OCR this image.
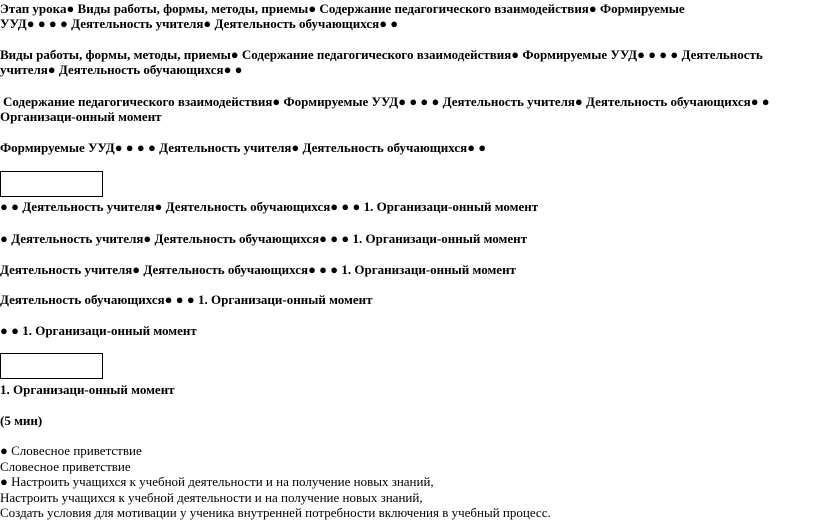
Этап урока● Виды работы, формы, методы, приемы● Содержание педагогического взаимодействия● Формируемые
УУД● ● ● ● Деятельность учителя● Деятельность обучающихся● ●
Виды работы, формы, методы, приемы● Содержание педагогического взаимодействия● Формируемые УУД● ● ● ● Деятельность
учителя● Деятельность обучающихся● ●
Содержание педагогического взаимодействия● Формируемые УУД● ● ● ● Деятельность учителя● Деятельность обучающихся● ●
Организаци-онный момент
Формируемые УУД● ● ● ● Деятельность учителя● Деятельность обучающихся● ●
● ● Деятельность учителя● Деятельность обучающихся● ● ● 1. Организаци-онный момент
● Деятельность учителя● Деятельность обучающихся● ● ● 1. Организаци-онный момент
Деятельность учителя● Деятельность обучающихся● ● ● 1. Организаци-онный момент
Деятельность обучающихся● ● ● 1. Организаци-онный момент
● ● 1. Организаци-онный момент
1. Организаци-онный момент
(5 мин)
● Словесное приветствие
Словесное приветствие
● Настроить учащихся к учебной деятельности и на получение новых знаний,
Настроить учащихся к учебной деятельности и на получение новых знаний,
Создать условия для мотивации у ученика внутренней потребности включения в учебный процесс.
